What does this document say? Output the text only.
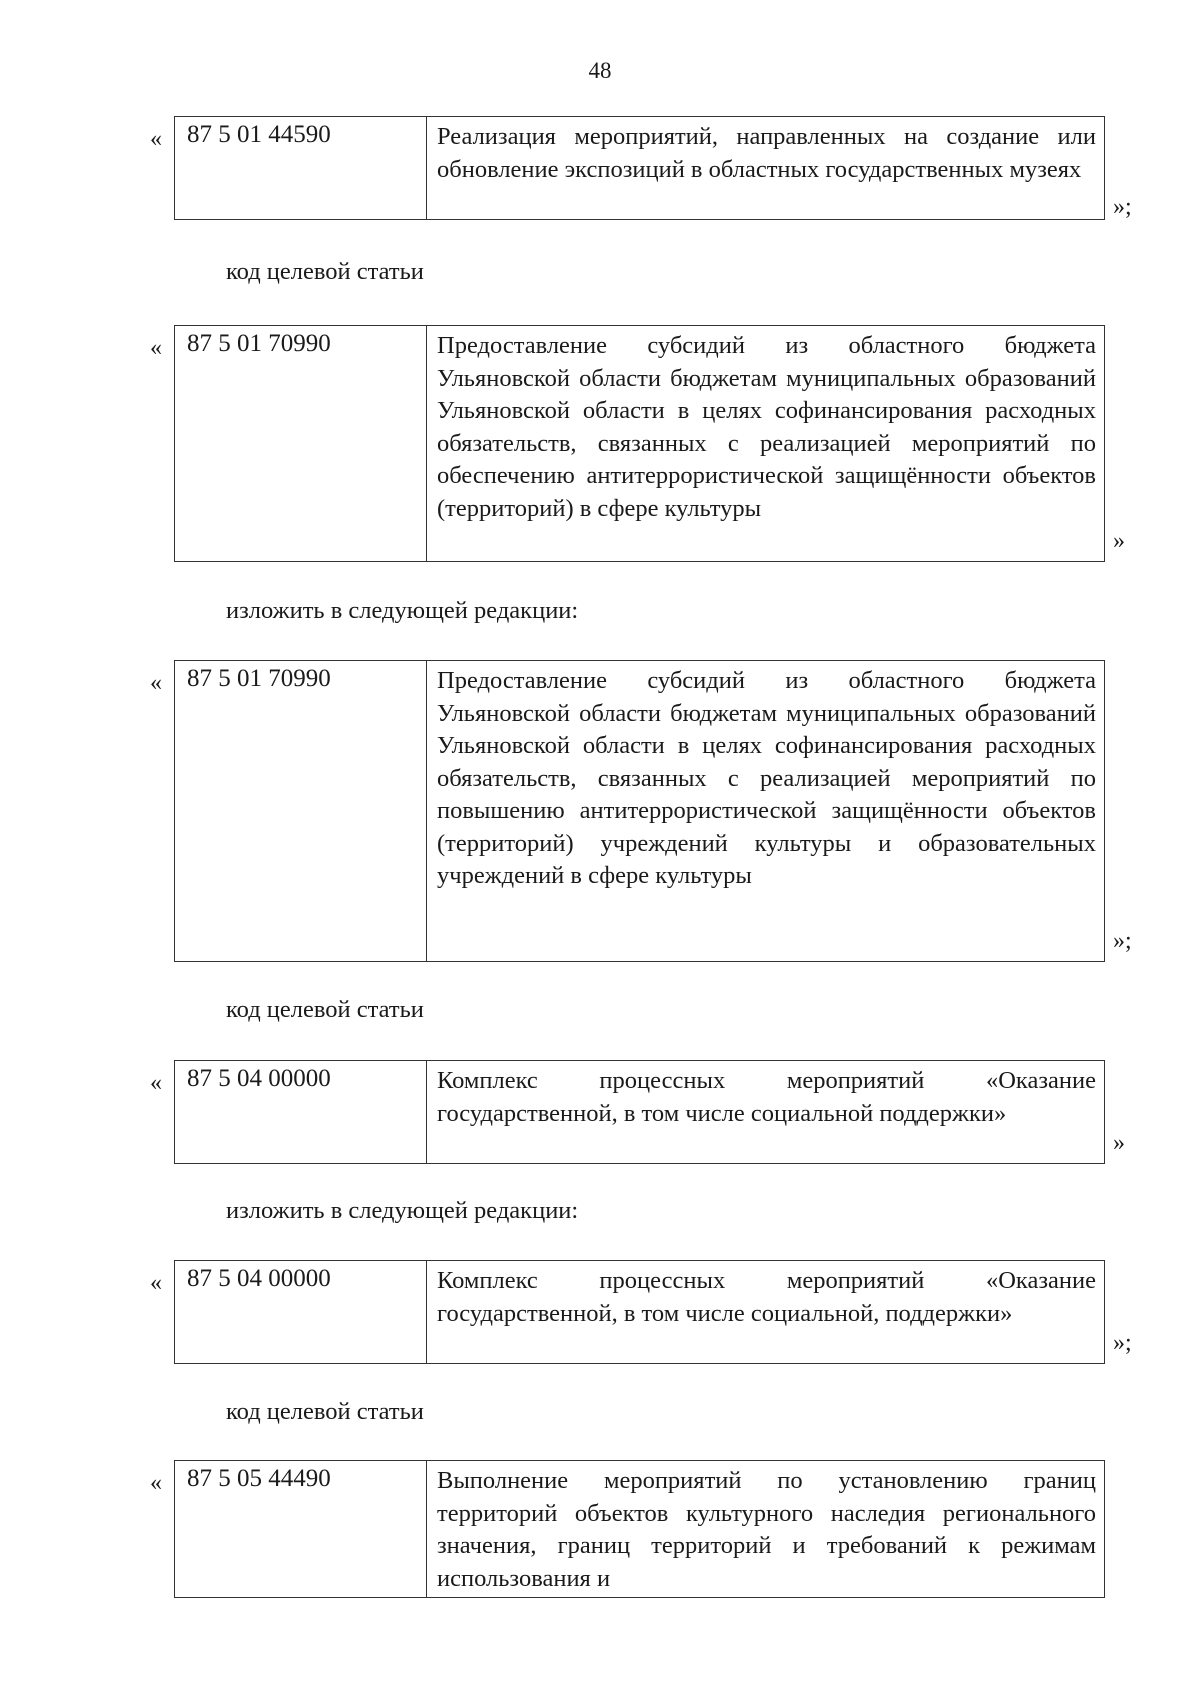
48
«	87 5 01 44590	Реализация мероприятий, направленных на создание или обновление экспозиций в областных государственных музеях
»;
код целевой статьи
«	87 5 01 70990	Предоставление субсидий из областного бюджета Ульяновской области бюджетам муниципальных образований Ульяновской области в целях софинансирования расходных обязательств, связанных с реализацией мероприятий по обеспечению антитеррористической защищённости объектов (территорий) в сфере культуры
»
изложить в следующей редакции:
«	87 5 01 70990	Предоставление субсидий из областного бюджета Ульяновской области бюджетам муниципальных образований Ульяновской области в целях софинансирования расходных обязательств, связанных с реализацией мероприятий по повышению антитеррористической защищённости объектов (территорий) учреждений культуры и образовательных учреждений в сфере культуры
»;
код целевой статьи
«	87 5 04 00000	Комплекс процессных мероприятий «Оказание государственной, в том числе социальной поддержки»
»
изложить в следующей редакции:
«	87 5 04 00000	Комплекс процессных мероприятий «Оказание государственной, в том числе социальной, поддержки»
»;
код целевой статьи
«	87 5 05 44490	Выполнение мероприятий по установлению границ территорий объектов культурного наследия регионального значения, границ территорий и требований к режимам использования и
